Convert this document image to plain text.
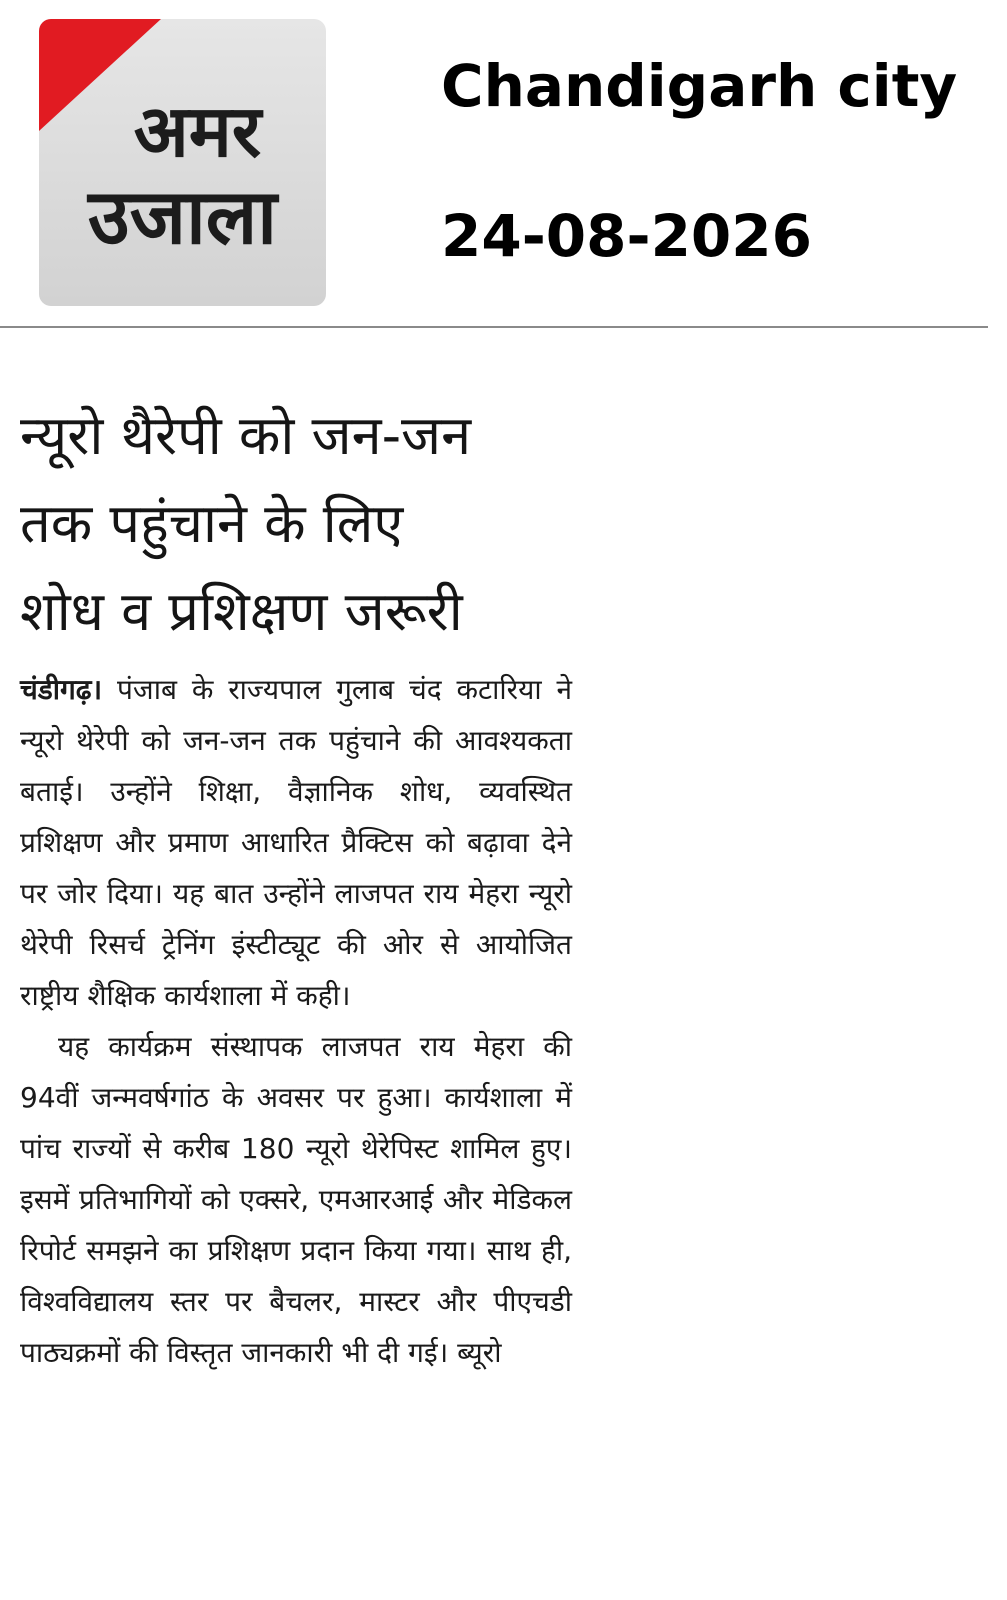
अमर
उजाला
Chandigarh city
24-08-2026
न्यूरो थैरेपी को जन-जन
तक पहुंचाने के लिए
शोध व प्रशिक्षण जरूरी

चंडीगढ़। पंजाब के राज्यपाल गुलाब चंद कटारिया ने न्यूरो थेरेपी को जन-जन तक पहुंचाने की आवश्यकता बताई। उन्होंने शिक्षा, वैज्ञानिक शोध, व्यवस्थित प्रशिक्षण और प्रमाण आधारित प्रैक्टिस को बढ़ावा देने पर जोर दिया। यह बात उन्होंने लाजपत राय मेहरा न्यूरो थेरेपी रिसर्च ट्रेनिंग इंस्टीट्यूट की ओर से आयोजित राष्ट्रीय शैक्षिक कार्यशाला में कही।

यह कार्यक्रम संस्थापक लाजपत राय मेहरा की 94वीं जन्मवर्षगांठ के अवसर पर हुआ। कार्यशाला में पांच राज्यों से करीब 180 न्यूरो थेरेपिस्ट शामिल हुए। इसमें प्रतिभागियों को एक्सरे, एमआरआई और मेडिकल रिपोर्ट समझने का प्रशिक्षण प्रदान किया गया। साथ ही, विश्वविद्यालय स्तर पर बैचलर, मास्टर और पीएचडी पाठ्यक्रमों की विस्तृत जानकारी भी दी गई। ब्यूरो
